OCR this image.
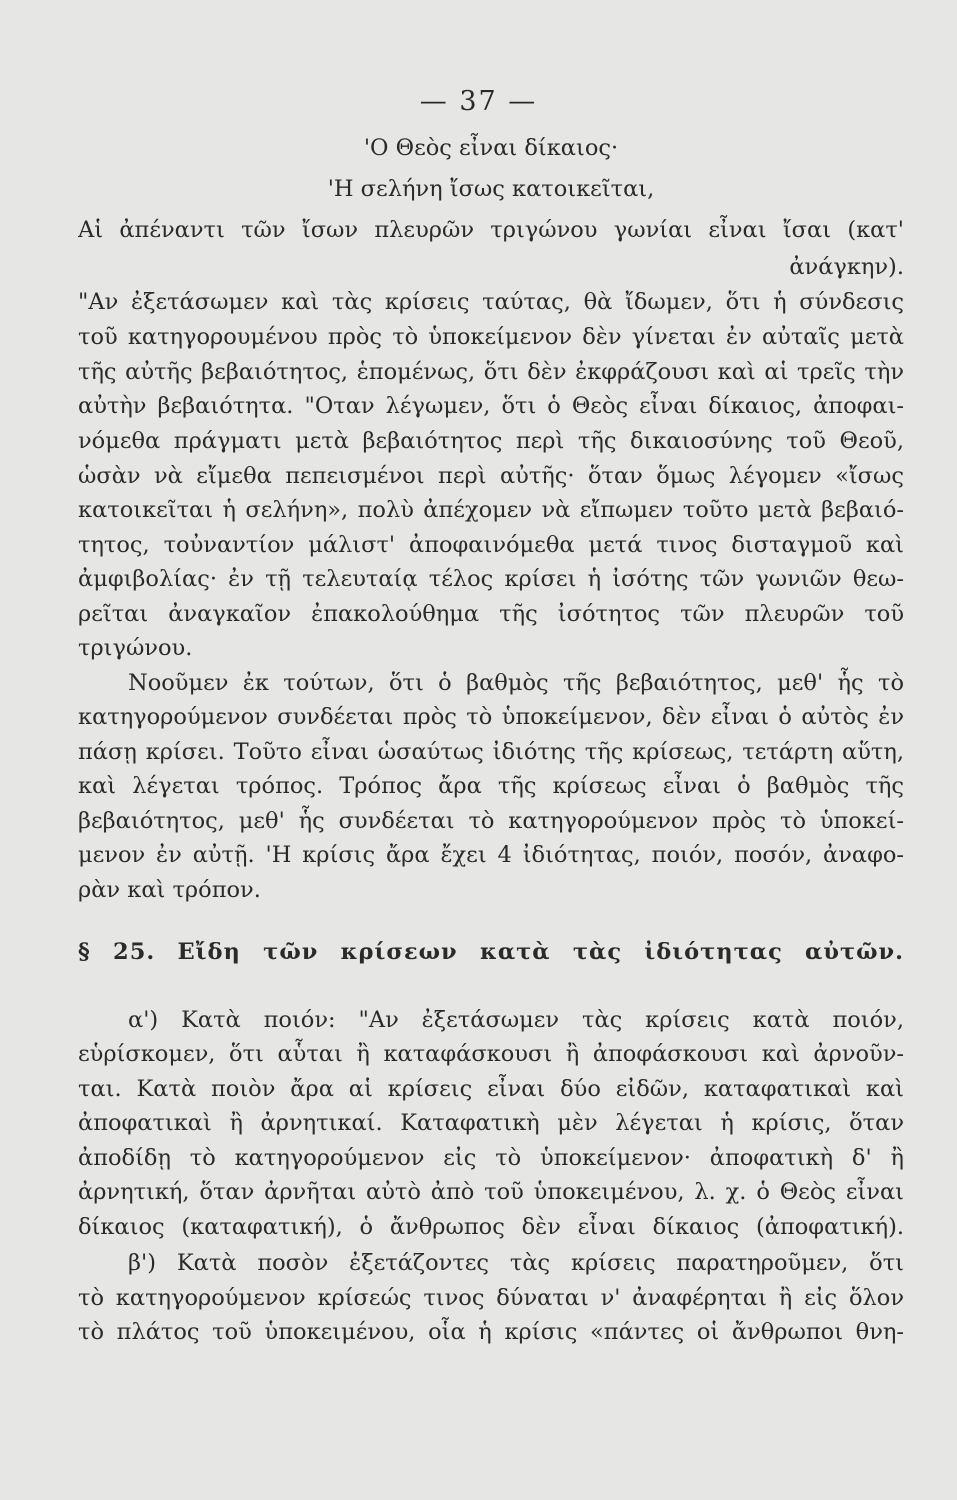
— 37 —
'Ο Θεὸς εἶναι δίκαιος·
'Η σελήνη ἴσως κατοικεῖται,
Αἱ ἀπέναντι τῶν ἴσων πλευρῶν τριγώνου γωνίαι εἶναι ἴσαι (κατ'
ἀνάγκην).
"Αν ἐξετάσωμεν καὶ τὰς κρίσεις ταύτας, θὰ ἴδωμεν, ὅτι ἡ σύνδεσις
τοῦ κατηγορουμένου πρὸς τὸ ὑποκείμενον δὲν γίνεται ἐν αὐταῖς μετὰ
τῆς αὐτῆς βεβαιότητος, ἑπομένως, ὅτι δὲν ἐκφράζουσι καὶ αἱ τρεῖς τὴν
αὐτὴν βεβαιότητα. "Οταν λέγωμεν, ὅτι ὁ Θεὸς εἶναι δίκαιος, ἀποφαι-
νόμεθα πράγματι μετὰ βεβαιότητος περὶ τῆς δικαιοσύνης τοῦ Θεοῦ,
ὡσὰν νὰ εἴμεθα πεπεισμένοι περὶ αὐτῆς· ὅταν ὅμως λέγομεν «ἴσως
κατοικεῖται ἡ σελήνη», πολὺ ἀπέχομεν νὰ εἴπωμεν τοῦτο μετὰ βεβαιό-
τητος, τοὐναντίον μάλιστ' ἀποφαινόμεθα μετά τινος δισταγμοῦ καὶ
ἀμφιβολίας· ἐν τῇ τελευταίᾳ τέλος κρίσει ἡ ἰσότης τῶν γωνιῶν θεω-
ρεῖται ἀναγκαῖον ἐπακολούθημα τῆς ἰσότητος τῶν πλευρῶν τοῦ
τριγώνου.
Νοοῦμεν ἐκ τούτων, ὅτι ὁ βαθμὸς τῆς βεβαιότητος, μεθ' ἧς τὸ
κατηγορούμενον συνδέεται πρὸς τὸ ὑποκείμενον, δὲν εἶναι ὁ αὐτὸς ἐν
πάσῃ κρίσει. Τοῦτο εἶναι ὡσαύτως ἰδιότης τῆς κρίσεως, τετάρτη αὕτη,
καὶ λέγεται τρόπος. Τρόπος ἄρα τῆς κρίσεως εἶναι ὁ βαθμὸς τῆς
βεβαιότητος, μεθ' ἧς συνδέεται τὸ κατηγορούμενον πρὸς τὸ ὑποκεί-
μενον ἐν αὐτῇ. 'Η κρίσις ἄρα ἔχει 4 ἰδιότητας, ποιόν, ποσόν, ἀναφο-
ρὰν καὶ τρόπον.
§ 25. Εἴδη τῶν κρίσεων κατὰ τὰς ἰδιότητας αὐτῶν.
α') Κατὰ ποιόν: "Αν ἐξετάσωμεν τὰς κρίσεις κατὰ ποιόν,
εὑρίσκομεν, ὅτι αὗται ἢ καταφάσκουσι ἢ ἀποφάσκουσι καὶ ἀρνοῦν-
ται. Κατὰ ποιὸν ἄρα αἱ κρίσεις εἶναι δύο εἰδῶν, καταφατικαὶ καὶ
ἀποφατικαὶ ἢ ἀρνητικαί. Καταφατικὴ μὲν λέγεται ἡ κρίσις, ὅταν
ἀποδίδῃ τὸ κατηγορούμενον εἰς τὸ ὑποκείμενον· ἀποφατικὴ δ' ἢ
ἀρνητική, ὅταν ἀρνῆται αὐτὸ ἀπὸ τοῦ ὑποκειμένου, λ. χ. ὁ Θεὸς εἶναι
δίκαιος (καταφατική), ὁ ἄνθρωπος δὲν εἶναι δίκαιος (ἀποφατική).
β') Κατὰ ποσὸν ἐξετάζοντες τὰς κρίσεις παρατηροῦμεν, ὅτι
τὸ κατηγορούμενον κρίσεώς τινος δύναται ν' ἀναφέρηται ἢ εἰς ὅλον
τὸ πλάτος τοῦ ὑποκειμένου, οἷα ἡ κρίσις «πάντες οἱ ἄνθρωποι θνη-
